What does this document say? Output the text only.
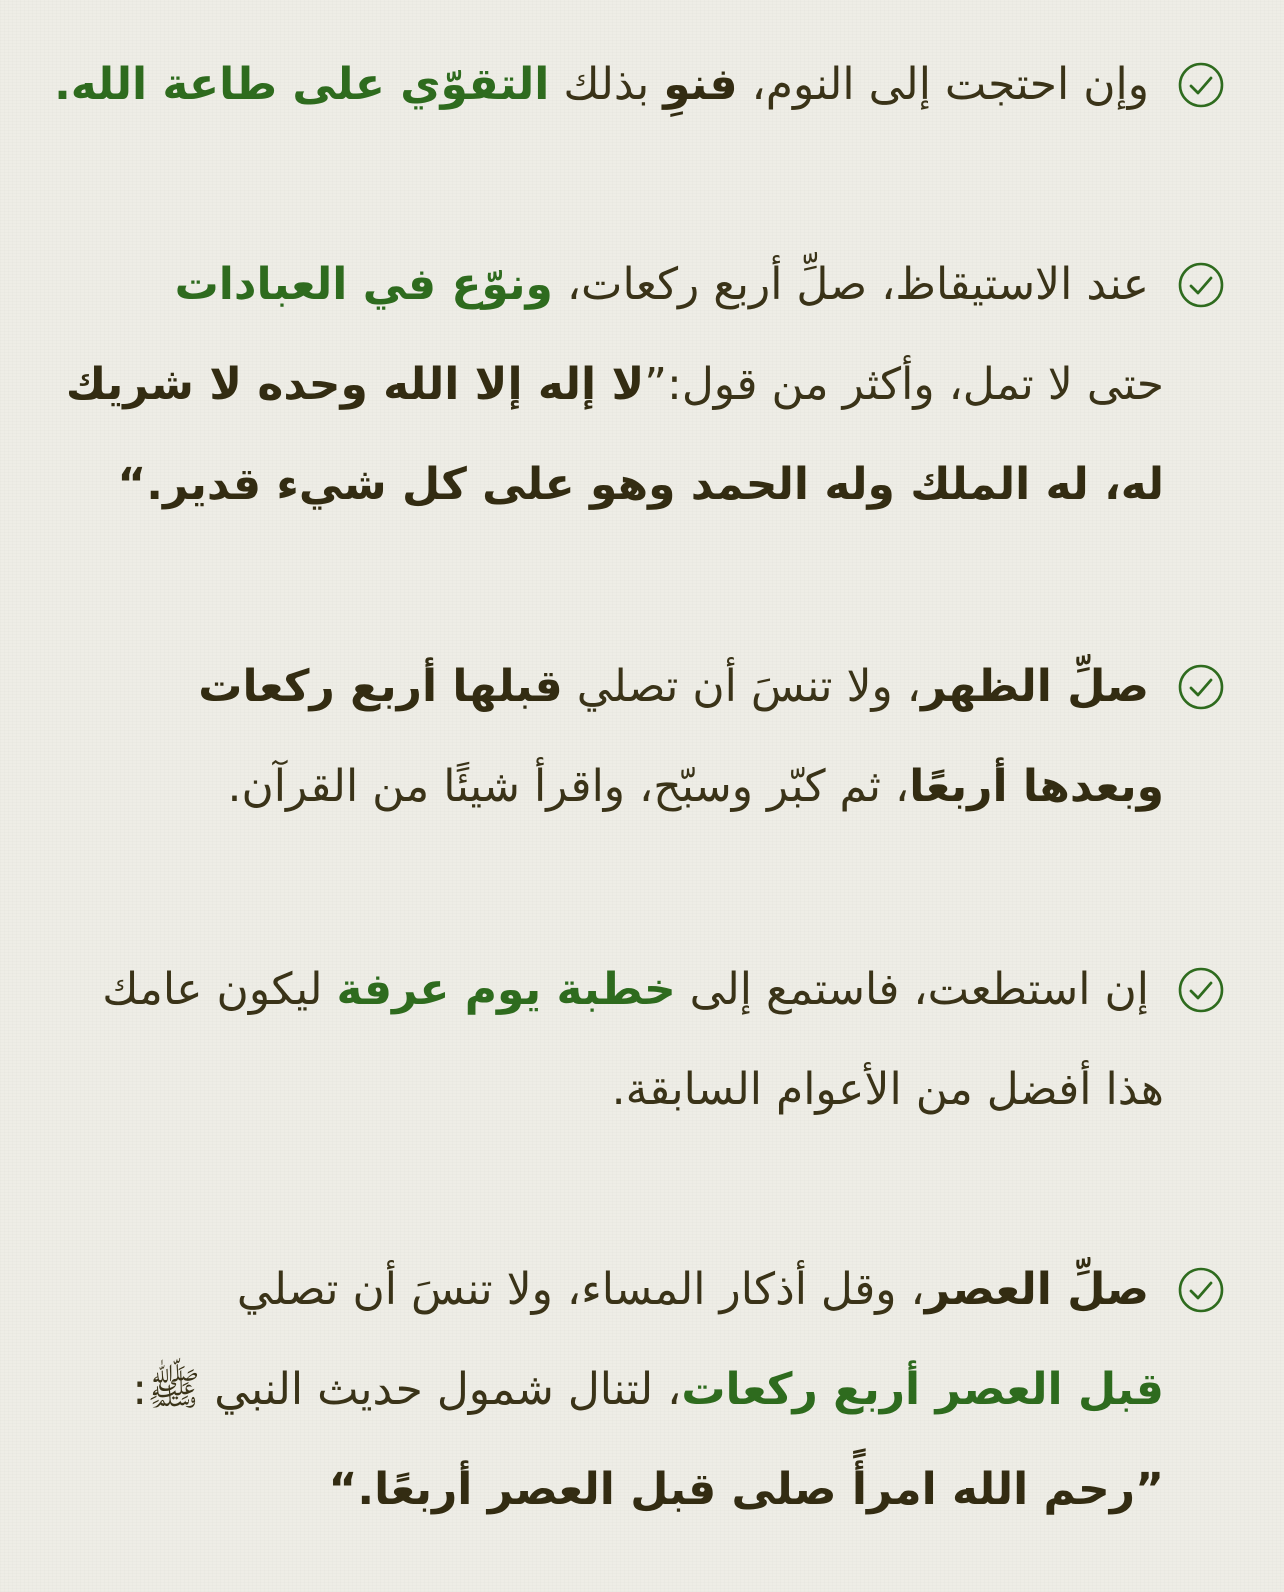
وإن احتجت إلى النوم، فنوِ بذلك التقوّي على طاعة الله.
عند الاستيقاظ، صلِّ أربع ركعات، ونوّع في العبادات
حتى لا تمل، وأكثر من قول:”لا إله إلا الله وحده لا شريك
له، له الملك وله الحمد وهو على كل شيء قدير.“
صلِّ الظهر، ولا تنسَ أن تصلي قبلها أربع ركعات
وبعدها أربعًا، ثم كبّر وسبّح، واقرأ شيئًا من القرآن.
إن استطعت، فاستمع إلى خطبة يوم عرفة ليكون عامك
هذا أفضل من الأعوام السابقة.
صلِّ العصر، وقل أذكار المساء، ولا تنسَ أن تصلي
قبل العصر أربع ركعات، لتنال شمول حديث النبي ﷺ:
”رحم الله امرأً صلى قبل العصر أربعًا.“
